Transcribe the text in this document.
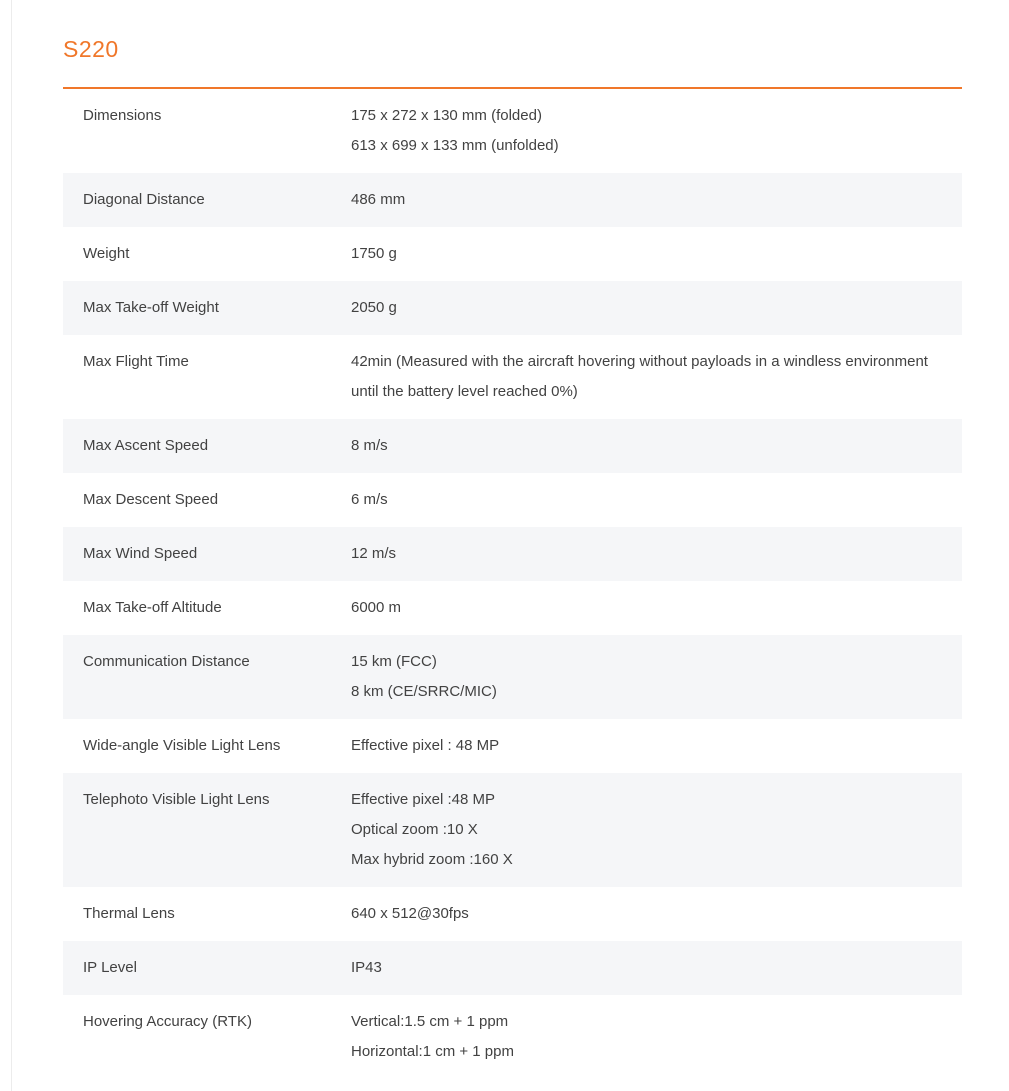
S220
Dimensions	175 x 272 x 130 mm (folded)
613 x 699 x 133 mm (unfolded)
Diagonal Distance	486 mm
Weight	1750 g
Max Take-off Weight	2050 g
Max Flight Time	42min (Measured with the aircraft hovering without payloads in a windless environment until the battery level reached 0%)
Max Ascent Speed	8 m/s
Max Descent Speed	6 m/s
Max Wind Speed	12 m/s
Max Take-off Altitude	6000 m
Communication Distance	15 km (FCC)
8 km (CE/SRRC/MIC)
Wide-angle Visible Light Lens	Effective pixel : 48 MP
Telephoto Visible Light Lens	Effective pixel :48 MP
Optical zoom :10 X
Max hybrid zoom :160 X
Thermal Lens	640 x 512@30fps
IP Level	IP43
Hovering Accuracy (RTK)	Vertical:1.5 cm + 1 ppm
Horizontal:1 cm + 1 ppm
